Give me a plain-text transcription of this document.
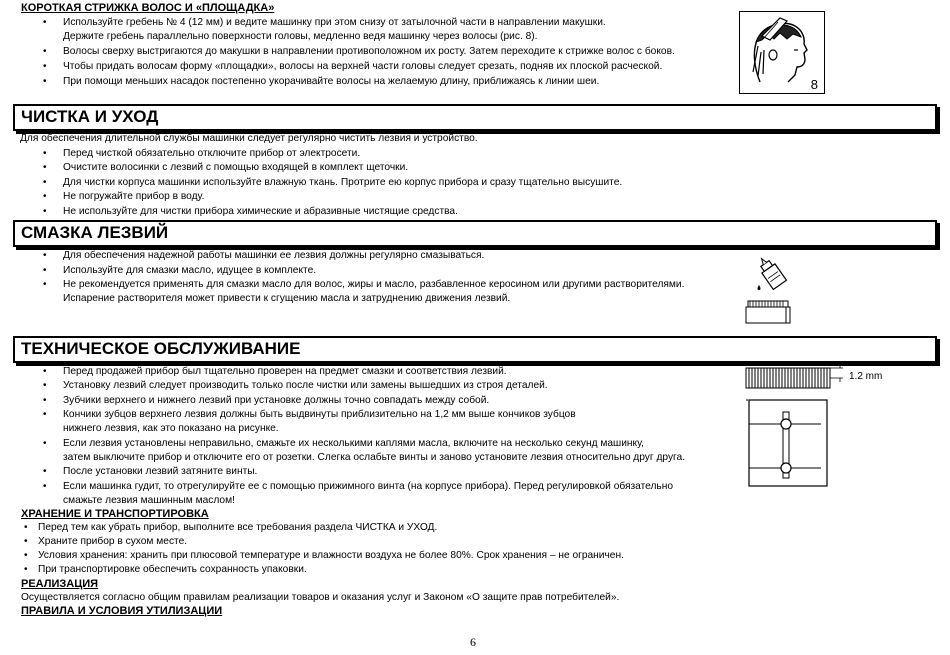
КОРОТКАЯ СТРИЖКА ВОЛОС И «ПЛОЩАДКА»
• Используйте гребень № 4 (12 мм) и ведите машинку при этом снизу от затылочной части в направлении макушки.
Держите гребень параллельно поверхности головы, медленно ведя машинку через волосы (рис. 8).
• Волосы сверху выстригаются до макушки в направлении противоположном их росту. Затем переходите к стрижке волос с боков.
• Чтобы придать волосам форму «площадки», волосы на верхней части головы следует срезать, подняв их плоской расческой.
• При помощи меньших насадок постепенно укорачивайте волосы на желаемую длину, приближаясь к линии шеи.	8
ЧИСТКА И УХОД
Для обеспечения длительной службы машинки следует регулярно чистить лезвия и устройство.
• Перед чисткой обязательно отключите прибор от электросети.
• Очистите волосинки с лезвий с помощью входящей в комплект щеточки.
• Для чистки корпуса машинки используйте влажную ткань. Протрите ею корпус прибора и сразу тщательно высушите.
• Не погружайте прибор в воду.
• Не используйте для чистки прибора химические и абразивные чистящие средства.
СМАЗКА ЛЕЗВИЙ
• Для обеспечения надежной работы машинки ее лезвия должны регулярно смазываться.
• Используйте для смазки масло, идущее в комплекте.
• Не рекомендуется применять для смазки масло для волос, жиры и масло, разбавленное керосином или другими растворителями.
Испарение растворителя может привести к сгущению масла и затруднению движения лезвий.
ТЕХНИЧЕСКОЕ ОБСЛУЖИВАНИЕ
• Перед продажей прибор был тщательно проверен на предмет смазки и соответствия лезвий.
• Установку лезвий следует производить только после чистки или замены вышедших из строя деталей.
• Зубчики верхнего и нижнего лезвий при установке должны точно совпадать между собой.
• Кончики зубцов верхнего лезвия должны быть выдвинуты приблизительно на 1,2 мм выше кончиков зубцов
нижнего лезвия, как это показано на рисунке.
• Если лезвия установлены неправильно, смажьте их несколькими каплями масла, включите на несколько секунд машинку,
затем выключите прибор и отключите его от розетки. Слегка ослабьте винты и заново установите лезвия относительно друг друга.
• После установки лезвий затяните винты.
• Если машинка гудит, то отрегулируйте ее с помощью прижимного винта (на корпусе прибора). Перед регулировкой обязательно
смажьте лезвия машинным маслом!
1.2 mm
ХРАНЕНИЕ И ТРАНСПОРТИРОВКА
• Перед тем как убрать прибор, выполните все требования раздела ЧИСТКА и УХОД.
• Храните прибор в сухом месте.
• Условия хранения: хранить при плюсовой температуре и влажности воздуха не более 80%. Срок хранения – не ограничен.
• При транспортировке обеспечить сохранность упаковки.
РЕАЛИЗАЦИЯ
Осуществляется согласно общим правилам реализации товаров и оказания услуг и Законом «О защите прав потребителей».
ПРАВИЛА И УСЛОВИЯ УТИЛИЗАЦИИ
6
